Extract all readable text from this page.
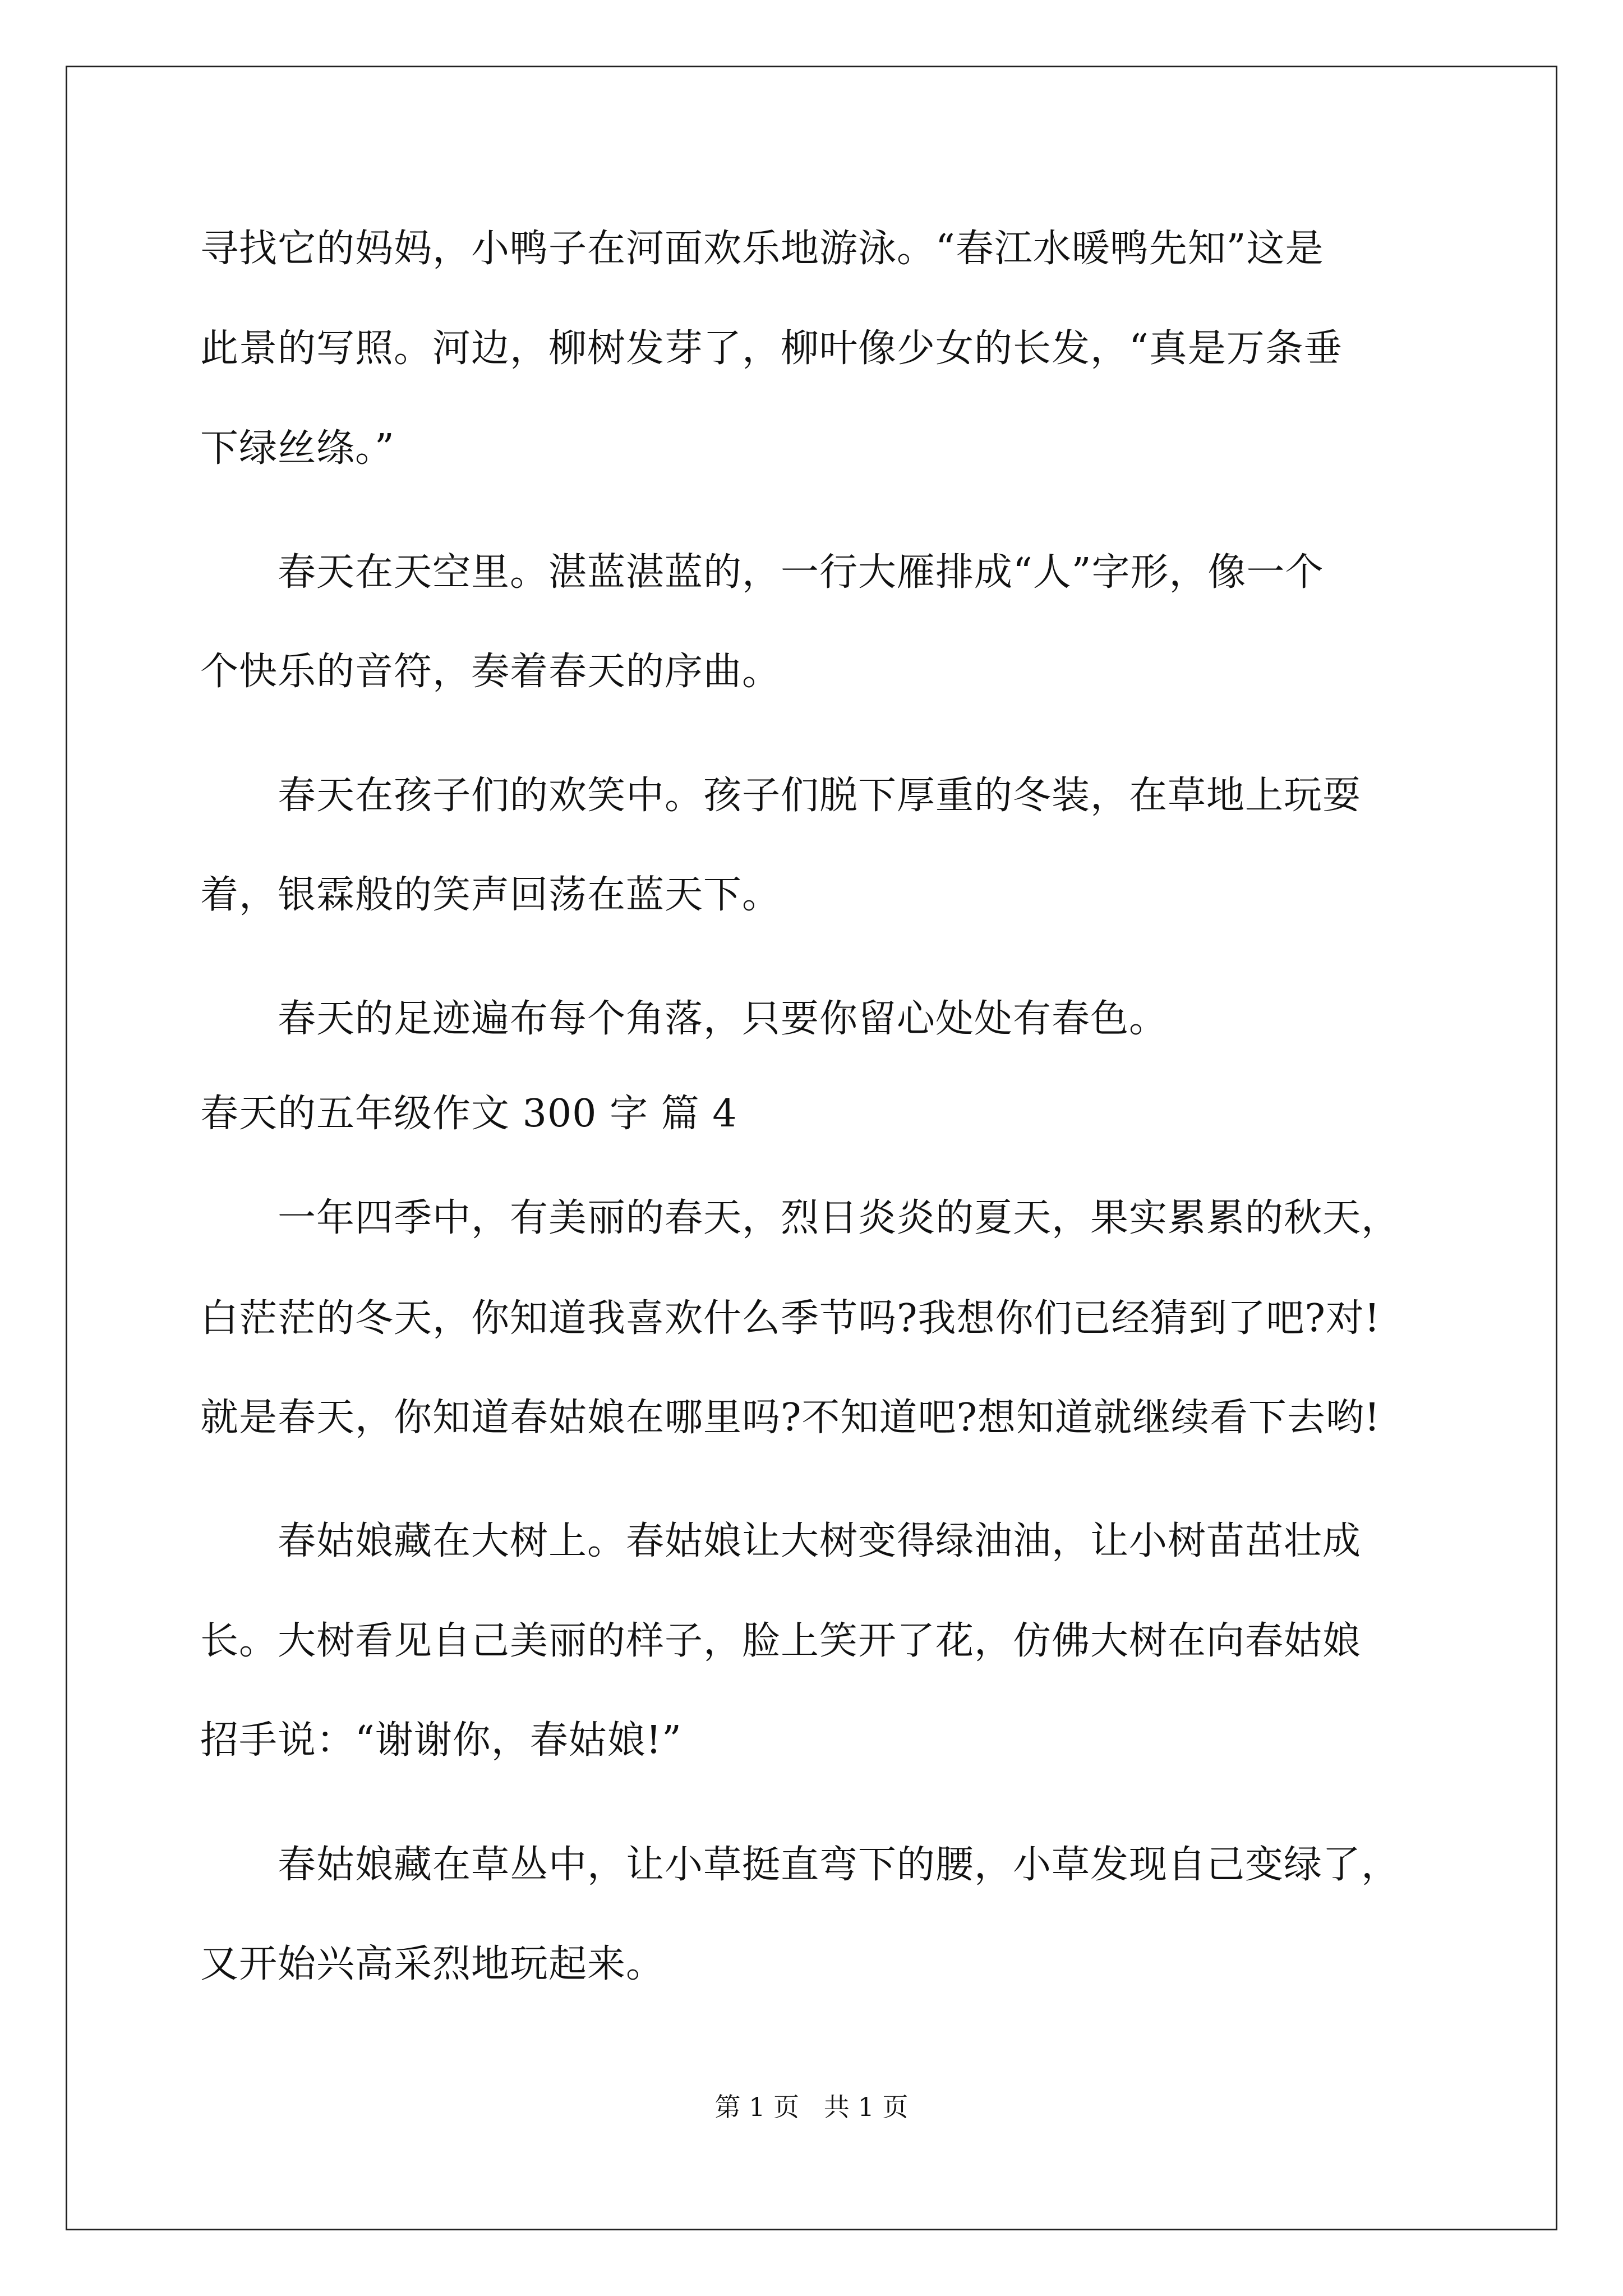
寻找它的妈妈，小鸭子在河面欢乐地游泳。“春江水暖鸭先知”这是
此景的写照。河边，柳树发芽了，柳叶像少女的长发，“真是万条垂
下绿丝绦。”
　　春天在天空里。湛蓝湛蓝的，一行大雁排成“人”字形，像一个
个快乐的音符，奏着春天的序曲。
　　春天在孩子们的欢笑中。孩子们脱下厚重的冬装，在草地上玩耍
着，银霖般的笑声回荡在蓝天下。
　　春天的足迹遍布每个角落，只要你留心处处有春色。
春天的五年级作文 300 字 篇 4
　　一年四季中，有美丽的春天，烈日炎炎的夏天，果实累累的秋天，
白茫茫的冬天，你知道我喜欢什么季节吗?我想你们已经猜到了吧?对!
就是春天，你知道春姑娘在哪里吗?不知道吧?想知道就继续看下去哟!
　　春姑娘藏在大树上。春姑娘让大树变得绿油油，让小树苗茁壮成
长。大树看见自己美丽的样子，脸上笑开了花，仿佛大树在向春姑娘
招手说：“谢谢你，春姑娘!”
　　春姑娘藏在草丛中，让小草挺直弯下的腰，小草发现自己变绿了，
又开始兴高采烈地玩起来。
第 1 页   共 1 页
